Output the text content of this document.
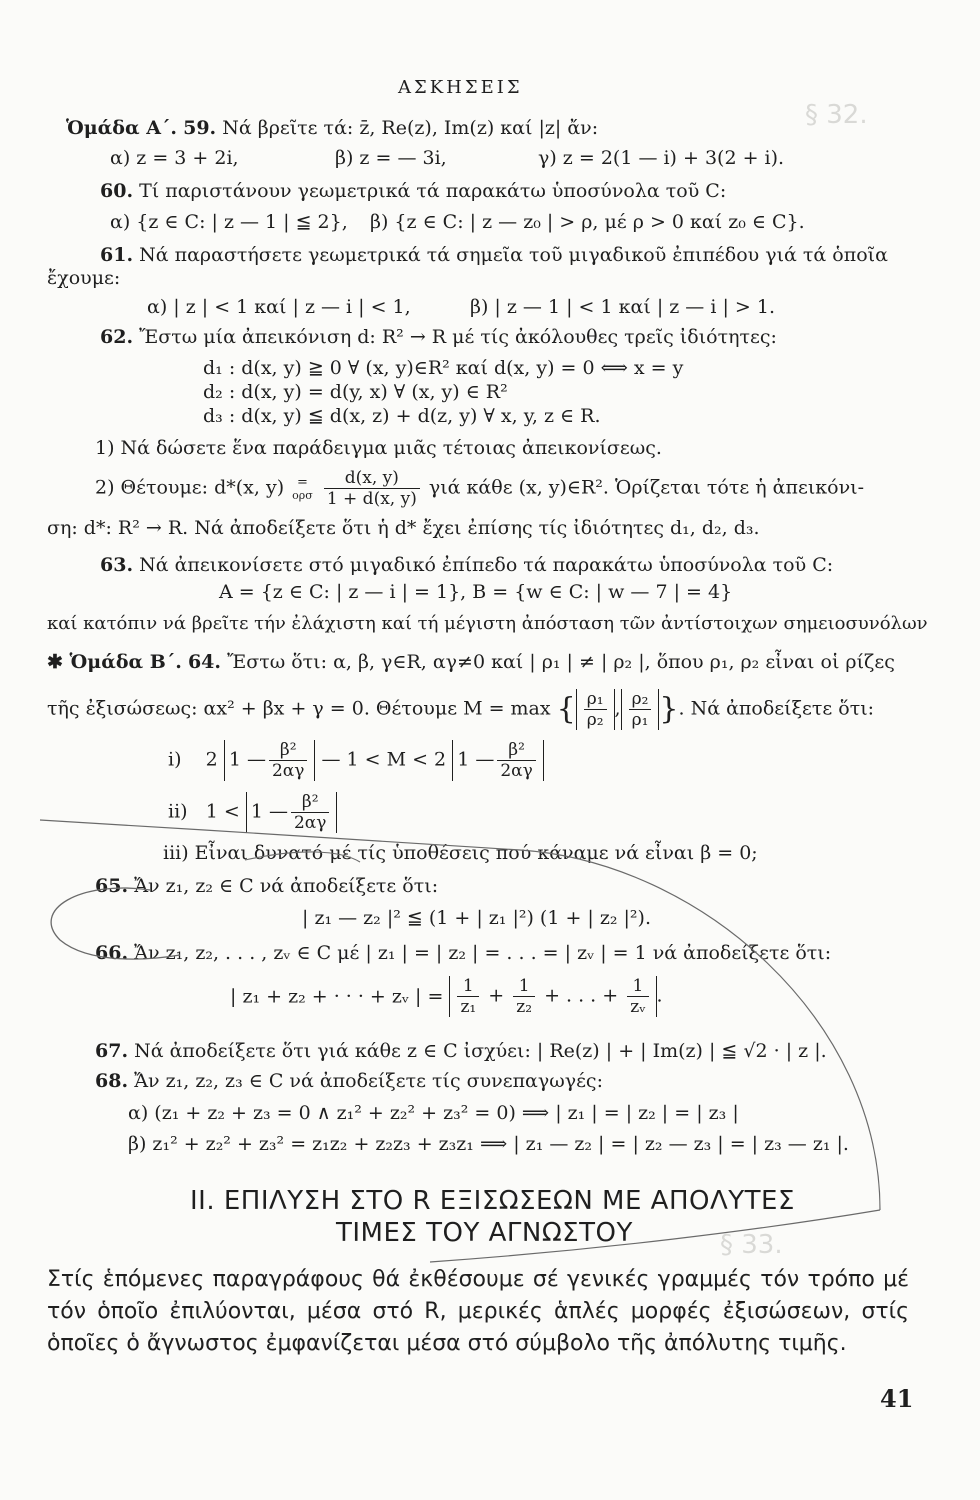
§ 32.
§ 33.
ΑΣΚΗΣΕΙΣ
Ὁμάδα Α΄. 59. Νά βρεῖτε τά: z̄, Re(z), Im(z) καί |z| ἄν:
α) z = 3 + 2i,	β) z = — 3i,	γ) z = 2(1 — i) + 3(2 + i).
60. Τί παριστάνουν γεωμετρικά τά παρακάτω ὑποσύνολα τοῦ C:
α) {z ∈ C: | z — 1 | ≦ 2}, β) {z ∈ C: | z — z₀ | > ρ, μέ ρ > 0 καί z₀ ∈ C}.
61. Νά παραστήσετε γεωμετρικά τά σημεῖα τοῦ μιγαδικοῦ ἐπιπέδου γιά τά ὁποῖα
ἔχουμε:
α) | z | < 1 καί | z — i | < 1,	β) | z — 1 | < 1 καί | z — i | > 1.
62. Ἔστω μία ἀπεικόνιση d: R² → R μέ τίς ἀκόλουθες τρεῖς ἰδιότητες:
d₁ : d(x, y) ≧ 0 ∀ (x, y)∈R² καί d(x, y) = 0 ⟺ x = y
d₂ : d(x, y) = d(y, x) ∀ (x, y) ∈ R²
d₃ : d(x, y) ≦ d(x, z) + d(z, y) ∀ x, y, z ∈ R.
1) Νά δώσετε ἕνα παράδειγμα μιᾶς τέτοιας ἀπεικονίσεως.
2) Θέτουμε: d*(x, y) =
ορσ
$\frac{d(x, y)}{1 + d(x, y)}$ γιά κάθε (x, y)∈R². Ὁρίζεται τότε ἡ ἀπεικόνι-
ση: d*: R² → R. Νά ἀποδείξετε ὅτι ἡ d* ἔχει ἐπίσης τίς ἰδιότητες d₁, d₂, d₃.
63. Νά ἀπεικονίσετε στό μιγαδικό ἐπίπεδο τά παρακάτω ὑποσύνολα τοῦ C:
A = {z ∈ C: | z — i | = 1}, B = {w ∈ C: | w — 7 | = 4}
καί κατόπιν νά βρεῖτε τήν ἐλάχιστη καί τή μέγιστη ἀπόσταση τῶν ἀντίστοιχων σημειοσυνόλων
✱ Ὁμάδα Β΄. 64. Ἔστω ὅτι: α, β, γ∈R, αγ≠0 καί | ρ₁ | ≠ | ρ₂ |, ὅπου ρ₁, ρ₂ εἶναι οἱ ρίζες
τῆς ἐξισώσεως: αx² + βx + γ = 0. Θέτουμε M = max { $\frac{\text{ρ₁}}{\text{ρ₂}}$ , $\frac{\text{ρ₂}}{\text{ρ₁}}$ }. Νά ἀποδείξετε ὅτι:
i) 2 1 — $\frac{\text{β²}}{2\alpha\gamma}$ — 1 < M < 2 1 — $\frac{\text{β²}}{2\alpha\gamma}$
ii) 1 < 1 — $\frac{\text{β²}}{2\alpha\gamma}$
iii) Εἶναι δυνατό μέ τίς ὑποθέσεις πού κάναμε νά εἶναι β = 0;
65. Ἄν z₁, z₂ ∈ C νά ἀποδείξετε ὅτι:
| z₁ — z₂ |² ≦ (1 + | z₁ |²) (1 + | z₂ |²).
66. Ἄν z₁, z₂, . . . , zᵥ ∈ C μέ | z₁ | = | z₂ | = . . . = | zᵥ | = 1 νά ἀποδείξετε ὅτι:
| z₁ + z₂ + · · · + zᵥ | = $\frac{1}{\text{z₁}} + \frac{1}{\text{z₂}}$ + . . . + $\frac{1}{\text{zᵥ}}$ .
67. Νά ἀποδείξετε ὅτι γιά κάθε z ∈ C ἰσχύει: | Re(z) | + | Im(z) | ≦ √2 · | z |.
68. Ἄν z₁, z₂, z₃ ∈ C νά ἀποδείξετε τίς συνεπαγωγές:
α) (z₁ + z₂ + z₃ = 0 ∧ z₁² + z₂² + z₃² = 0) ⟹ | z₁ | = | z₂ | = | z₃ |
β) z₁² + z₂² + z₃² = z₁z₂ + z₂z₃ + z₃z₁ ⟹ | z₁ — z₂ | = | z₂ — z₃ | = | z₃ — z₁ |.
II. ΕΠΙΛΥΣΗ ΣΤΟ R ΕΞΙΣΩΣΕΩΝ ΜΕ ΑΠΟΛΥΤΕΣ
ΤΙΜΕΣ ΤΟΥ ΑΓΝΩΣΤΟΥ
Στίς ἑπόμενες παραγράφους θά ἐκθέσουμε σέ γενικές γραμμές τόν τρόπο μέ τόν ὁποῖο ἐπιλύονται, μέσα στό R, μερικές ἁπλές μορφές ἐξισώσεων, στίς ὁποῖες ὁ ἄγνωστος ἐμφανίζεται μέσα στό σύμβολο τῆς ἀπόλυτης τιμῆς.
41
